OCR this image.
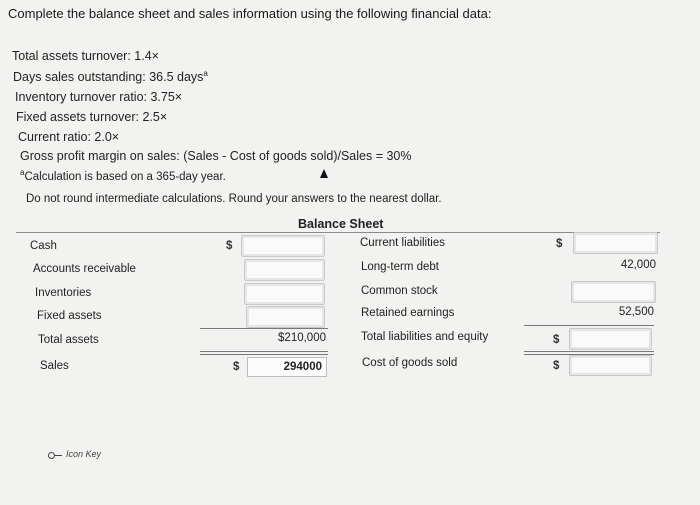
Complete the balance sheet and sales information using the following financial data:
Total assets turnover: 1.4×
Days sales outstanding: 36.5 days$^a$
Inventory turnover ratio: 3.75×
Fixed assets turnover: 2.5×
Current ratio: 2.0×
Gross profit margin on sales: (Sales - Cost of goods sold)/Sales = 30%
$^a$Calculation is based on a 365-day year.
Do not round intermediate calculations. Round your answers to the nearest dollar.
Balance Sheet
Cash	$
Accounts receivable
Inventories
Fixed assets
Total assets	$210,000
Sales	$	294000
Current liabilities	$
Long-term debt	42,000
Common stock
Retained earnings	52,500
Total liabilities and equity	$
Cost of goods sold	$
Icon Key
